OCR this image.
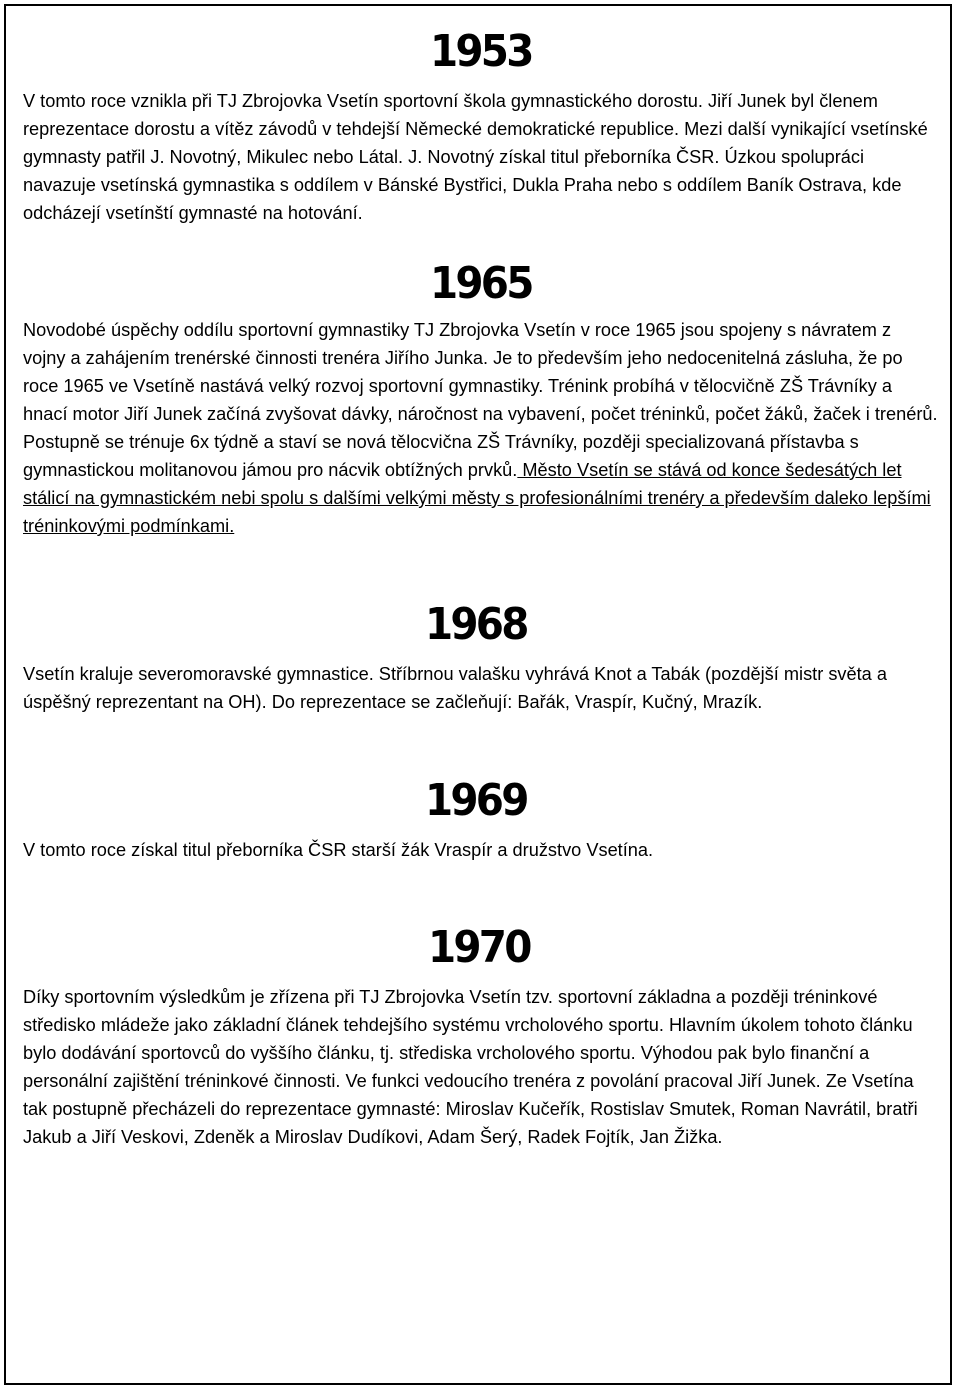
1953

V tomto roce vznikla při TJ Zbrojovka Vsetín sportovní škola gymnastického dorostu. Jiří Junek byl členem reprezentace dorostu a vítěz závodů v tehdejší Německé demokratické republice. Mezi další vynikající vsetínské gymnasty patřil J. Novotný, Mikulec nebo Látal. J. Novotný získal titul přeborníka ČSR. Úzkou spolupráci navazuje vsetínská gymnastika s oddílem v Bánské Bystřici, Dukla Praha nebo s oddílem Baník Ostrava, kde odcházejí vsetínští gymnasté na hotování.

1965

Novodobé úspěchy oddílu sportovní gymnastiky TJ Zbrojovka Vsetín v roce 1965 jsou spojeny s návratem z vojny a zahájením trenérské činnosti trenéra Jiřího Junka. Je to především jeho nedocenitelná zásluha, že po roce 1965 ve Vsetíně nastává velký rozvoj sportovní gymnastiky. Trénink probíhá v tělocvičně ZŠ Trávníky a hnací motor Jiří Junek začíná zvyšovat dávky, náročnost na vybavení, počet tréninků, počet žáků, žaček i trenérů. Postupně se trénuje 6x týdně a staví se nová tělocvična ZŠ Trávníky, později specializovaná přístavba s gymnastickou molitanovou jámou pro nácvik obtížných prvků. Město Vsetín se stává od konce šedesátých let stálicí na gymnastickém nebi spolu s dalšími velkými městy s profesionálními trenéry a především daleko lepšími tréninkovými podmínkami.

1968

Vsetín kraluje severomoravské gymnastice. Stříbrnou valašku vyhrává Knot a Tabák (pozdější mistr světa a úspěšný reprezentant na OH). Do reprezentace se začleňují: Bařák, Vraspír, Kučný, Mrazík.

1969

V tomto roce získal titul přeborníka ČSR starší žák Vraspír a družstvo Vsetína.

1970

Díky sportovním výsledkům je zřízena při TJ Zbrojovka Vsetín tzv. sportovní základna a později tréninkové středisko mládeže jako základní článek tehdejšího systému vrcholového sportu. Hlavním úkolem tohoto článku bylo dodávání sportovců do vyššího článku, tj. střediska vrcholového sportu. Výhodou pak bylo finanční a personální zajištění tréninkové činnosti. Ve funkci vedoucího trenéra z povolání pracoval Jiří Junek. Ze Vsetína tak postupně přecházeli do reprezentace gymnasté: Miroslav Kučeřík, Rostislav Smutek, Roman Navrátil, bratři Jakub a Jiří Veskovi, Zdeněk a Miroslav Dudíkovi, Adam Šerý, Radek Fojtík, Jan Žižka.
